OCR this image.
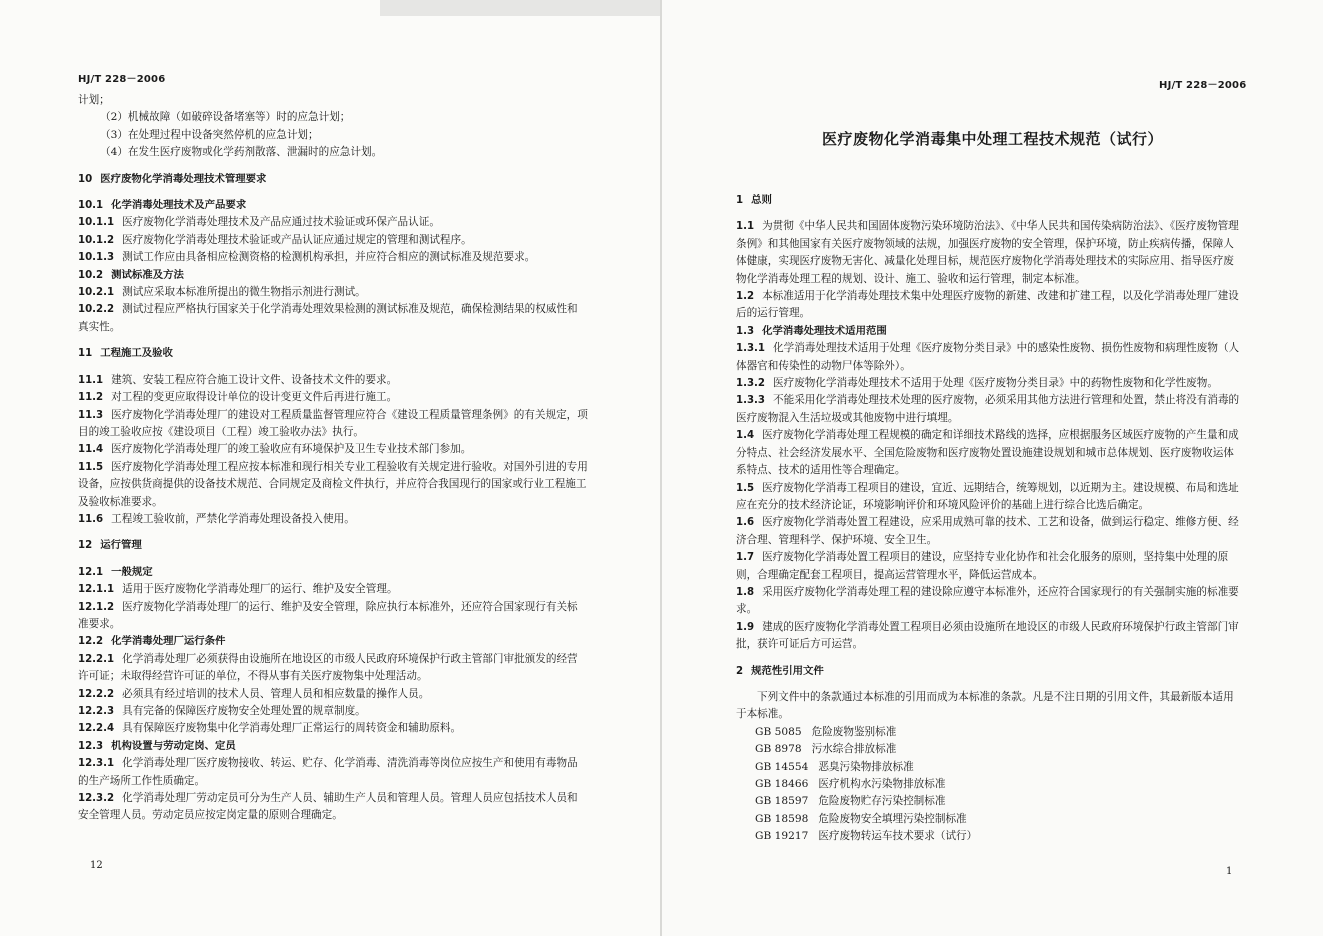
HJ/T 228－2006
计划；
（2）机械故障（如破碎设备堵塞等）时的应急计划；
（3）在处理过程中设备突然停机的应急计划；
（4）在发生医疗废物或化学药剂散落、泄漏时的应急计划。
10 医疗废物化学消毒处理技术管理要求
10.1 化学消毒处理技术及产品要求
10.1.1 医疗废物化学消毒处理技术及产品应通过技术验证或环保产品认证。
10.1.2 医疗废物化学消毒处理技术验证或产品认证应通过规定的管理和测试程序。
10.1.3 测试工作应由具备相应检测资格的检测机构承担，并应符合相应的测试标准及规范要求。
10.2 测试标准及方法
10.2.1 测试应采取本标准所提出的微生物指示剂进行测试。
10.2.2 测试过程应严格执行国家关于化学消毒处理效果检测的测试标准及规范，确保检测结果的权威性和真实性。
11 工程施工及验收
11.1 建筑、安装工程应符合施工设计文件、设备技术文件的要求。
11.2 对工程的变更应取得设计单位的设计变更文件后再进行施工。
11.3 医疗废物化学消毒处理厂的建设对工程质量监督管理应符合《建设工程质量管理条例》的有关规定，项目的竣工验收应按《建设项目（工程）竣工验收办法》执行。
11.4 医疗废物化学消毒处理厂的竣工验收应有环境保护及卫生专业技术部门参加。
11.5 医疗废物化学消毒处理工程应按本标准和现行相关专业工程验收有关规定进行验收。对国外引进的专用设备，应按供货商提供的设备技术规范、合同规定及商检文件执行，并应符合我国现行的国家或行业工程施工及验收标准要求。
11.6 工程竣工验收前，严禁化学消毒处理设备投入使用。
12 运行管理
12.1 一般规定
12.1.1 适用于医疗废物化学消毒处理厂的运行、维护及安全管理。
12.1.2 医疗废物化学消毒处理厂的运行、维护及安全管理，除应执行本标准外，还应符合国家现行有关标准要求。
12.2 化学消毒处理厂运行条件
12.2.1 化学消毒处理厂必须获得由设施所在地设区的市级人民政府环境保护行政主管部门审批颁发的经营许可证；未取得经营许可证的单位，不得从事有关医疗废物集中处理活动。
12.2.2 必须具有经过培训的技术人员、管理人员和相应数量的操作人员。
12.2.3 具有完备的保障医疗废物安全处理处置的规章制度。
12.2.4 具有保障医疗废物集中化学消毒处理厂正常运行的周转资金和辅助原料。
12.3 机构设置与劳动定岗、定员
12.3.1 化学消毒处理厂医疗废物接收、转运、贮存、化学消毒、清洗消毒等岗位应按生产和使用有毒物品的生产场所工作性质确定。
12.3.2 化学消毒处理厂劳动定员可分为生产人员、辅助生产人员和管理人员。管理人员应包括技术人员和安全管理人员。劳动定员应按定岗定量的原则合理确定。
12
HJ/T 228－2006
医疗废物化学消毒集中处理工程技术规范（试行）
1 总则
1.1 为贯彻《中华人民共和国固体废物污染环境防治法》、《中华人民共和国传染病防治法》、《医疗废物管理条例》和其他国家有关医疗废物领域的法规，加强医疗废物的安全管理，保护环境，防止疾病传播，保障人体健康，实现医疗废物无害化、减量化处理目标，规范医疗废物化学消毒处理技术的实际应用、指导医疗废物化学消毒处理工程的规划、设计、施工、验收和运行管理，制定本标准。
1.2 本标准适用于化学消毒处理技术集中处理医疗废物的新建、改建和扩建工程，以及化学消毒处理厂建设后的运行管理。
1.3 化学消毒处理技术适用范围
1.3.1 化学消毒处理技术适用于处理《医疗废物分类目录》中的感染性废物、损伤性废物和病理性废物（人体器官和传染性的动物尸体等除外）。
1.3.2 医疗废物化学消毒处理技术不适用于处理《医疗废物分类目录》中的药物性废物和化学性废物。
1.3.3 不能采用化学消毒处理技术处理的医疗废物，必须采用其他方法进行管理和处置，禁止将没有消毒的医疗废物混入生活垃圾或其他废物中进行填埋。
1.4 医疗废物化学消毒处理工程规模的确定和详细技术路线的选择，应根据服务区域医疗废物的产生量和成分特点、社会经济发展水平、全国危险废物和医疗废物处置设施建设规划和城市总体规划、医疗废物收运体系特点、技术的适用性等合理确定。
1.5 医疗废物化学消毒工程项目的建设，宜近、远期结合，统筹规划，以近期为主。建设规模、布局和选址应在充分的技术经济论证，环境影响评价和环境风险评价的基础上进行综合比选后确定。
1.6 医疗废物化学消毒处置工程建设，应采用成熟可靠的技术、工艺和设备，做到运行稳定、维修方便、经济合理、管理科学、保护环境、安全卫生。
1.7 医疗废物化学消毒处置工程项目的建设，应坚持专业化协作和社会化服务的原则，坚持集中处理的原则，合理确定配套工程项目，提高运营管理水平，降低运营成本。
1.8 采用医疗废物化学消毒处理工程的建设除应遵守本标准外，还应符合国家现行的有关强制实施的标准要求。
1.9 建成的医疗废物化学消毒处置工程项目必须由设施所在地设区的市级人民政府环境保护行政主管部门审批，获许可证后方可运营。
2 规范性引用文件
下列文件中的条款通过本标准的引用而成为本标准的条款。凡是不注日期的引用文件，其最新版本适用于本标准。
GB 5085 危险废物鉴别标准
GB 8978 污水综合排放标准
GB 14554 恶臭污染物排放标准
GB 18466 医疗机构水污染物排放标准
GB 18597 危险废物贮存污染控制标准
GB 18598 危险废物安全填埋污染控制标准
GB 19217 医疗废物转运车技术要求（试行）
1
